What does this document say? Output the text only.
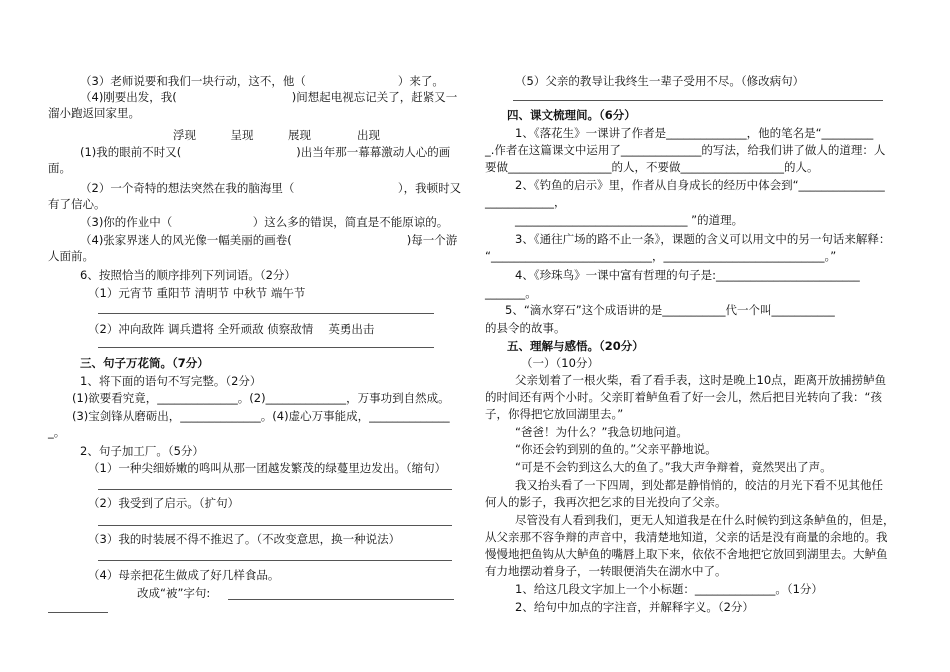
（3）老师说要和我们一块行动，这不，他（　　　　　　　　）来了。
（4)刚要出发，我(　　　　　　　　　　)间想起电视忘记关了，赶紧又一
溜小跑返回家里。
浮现　　　呈现　　　展现　　　　出现
(1)我的眼前不时又(　　　　　　　　　　)出当年那一幕幕激动人心的画
面。
（2）一个奇特的想法突然在我的脑海里（　　　　　　　　　），我顿时又
有了信心。
（3)你的作业中（　　　　　　　）这么多的错误，简直是不能原谅的。
（4)张家界迷人的风光像一幅美丽的画卷(　　　　　　　　　　)每一个游
人面前。
6、按照恰当的顺序排列下列词语。（2分）
（1）元宵节 重阳节 清明节 中秋节 端午节
（2）冲向敌阵 调兵遣将 全歼顽敌 侦察敌情　 英勇出击
三、句子万花筒。（7分）
1、将下面的语句不写完整。（2分）
(1)欲要看究竟，______________。(2)______________，万事功到自然成。
(3)宝剑锋从磨砺出，______________。(4)虚心万事能成，______________
_。
2、句子加工厂。（5分）
（1）一种尖细娇嫩的鸣叫从那一团越发繁茂的绿蔓里边发出。（缩句）
（2）我受到了启示。（扩句）
（3）我的时装展不得不推迟了。（不改变意思，换一种说法）
（4）母亲把花生做成了好几样食品。
改成“被”字句:
（5）父亲的教导让我终生一辈子受用不尽。（修改病句）
四、课文梳理间。（6分）
1、《落花生》一课讲了作者是______________，他的笔名是“_________
_.作者在这篇课文中运用了______________的写法，给我们讲了做人的道理：人
要做__________________的人，不要做__________________的人。
2、《钓鱼的启示》里，作者从自身成长的经历中体会到“_______________
____________，
______________________________ ”的道理。
3、《通往广场的路不止一条》，课题的含义可以用文中的另一句话来解释：
“____________________________，____________________________。”
4、《珍珠鸟》一课中富有哲理的句子是:_________________________
_______。
5、“滴水穿石”这个成语讲的是___________代一个叫___________
的县令的故事。
五、理解与感悟。（20分）
（一）（10分）
父亲划着了一根火柴，看了看手表，这时是晚上10点，距离开放捕捞鲈鱼
的时间还有两个小时。父亲盯着鲈鱼看了好一会儿，然后把目光转向了我：“孩
子，你得把它放回湖里去。”
“爸爸！为什么？”我急切地问道。
“你还会钓到别的鱼的。”父亲平静地说。
“可是不会钓到这么大的鱼了。”我大声争辩着，竟然哭出了声。
我又抬头看了一下四周，到处都是静悄悄的，皎洁的月光下看不见其他任
何人的影子，我再次把乞求的目光投向了父亲。
尽管没有人看到我们，更无人知道我是在什么时候钓到这条鲈鱼的，但是，
从父亲那不容争辩的声音中，我清楚地知道，父亲的话是没有商量的余地的。我
慢慢地把鱼钩从大鲈鱼的嘴唇上取下来，依依不舍地把它放回到湖里去。大鲈鱼
有力地摆动着身子，一转眼便消失在湖水中了。
1、给这几段文字加上一个小标题：______________。（1分）
2、给句中加点的字注音，并解释字义。（2分）
